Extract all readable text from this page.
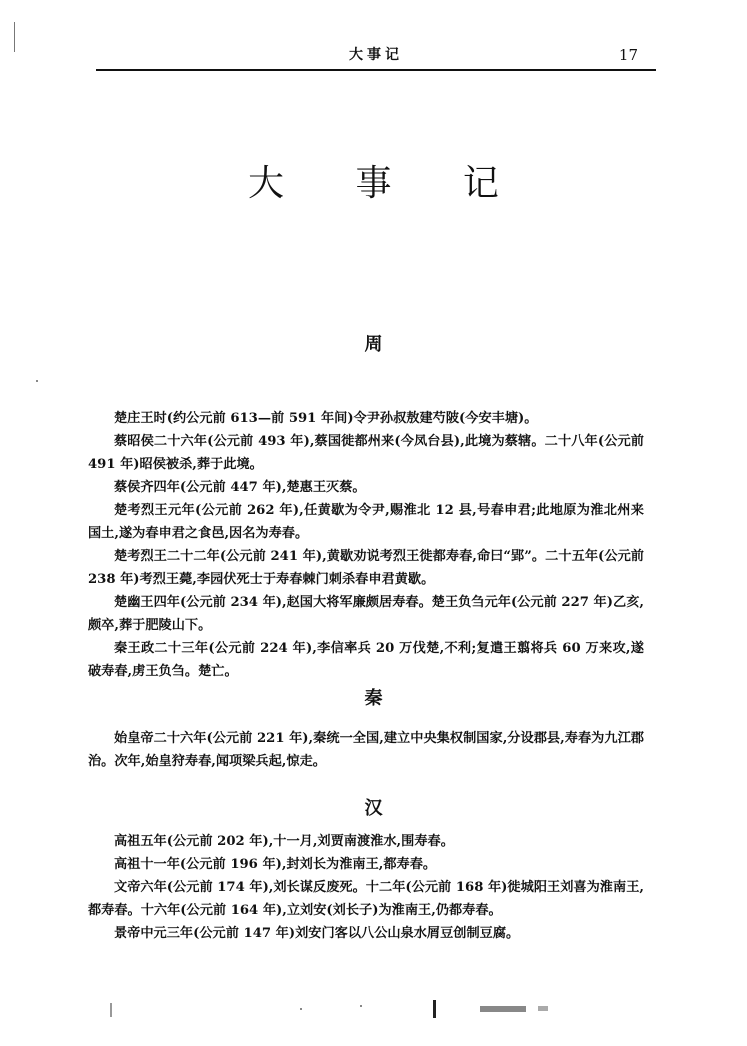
大事记	17
大 事 记
周

楚庄王时(约公元前 613—前 591 年间)令尹孙叔敖建芍陂(今安丰塘)。

蔡昭侯二十六年(公元前 493 年),蔡国徙都州来(今凤台县),此境为蔡辖。二十八年(公元前 491 年)昭侯被杀,葬于此境。

蔡侯齐四年(公元前 447 年),楚惠王灭蔡。

楚考烈王元年(公元前 262 年),任黄歇为令尹,赐淮北 12 县,号春申君;此地原为淮北州来国土,遂为春申君之食邑,因名为寿春。

楚考烈王二十二年(公元前 241 年),黄歇劝说考烈王徙都寿春,命曰“郢”。二十五年(公元前 238 年)考烈王薨,李园伏死士于寿春棘门刺杀春申君黄歇。

楚幽王四年(公元前 234 年),赵国大将军廉颇居寿春。楚王负刍元年(公元前 227 年)乙亥,颇卒,葬于肥陵山下。

秦王政二十三年(公元前 224 年),李信率兵 20 万伐楚,不利;复遣王翦将兵 60 万来攻,遂破寿春,虏王负刍。楚亡。

秦

始皇帝二十六年(公元前 221 年),秦统一全国,建立中央集权制国家,分设郡县,寿春为九江郡治。次年,始皇狩寿春,闻项梁兵起,惊走。

汉

高祖五年(公元前 202 年),十一月,刘贾南渡淮水,围寿春。

高祖十一年(公元前 196 年),封刘长为淮南王,都寿春。

文帝六年(公元前 174 年),刘长谋反废死。十二年(公元前 168 年)徙城阳王刘喜为淮南王,都寿春。十六年(公元前 164 年),立刘安(刘长子)为淮南王,仍都寿春。

景帝中元三年(公元前 147 年)刘安门客以八公山泉水屑豆创制豆腐。
